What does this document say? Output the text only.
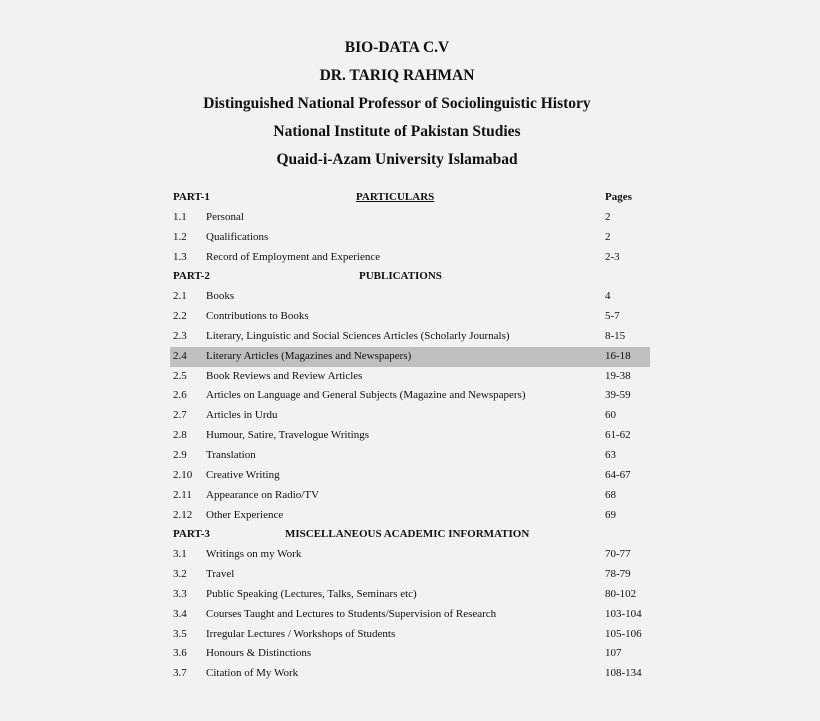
BIO-DATA C.V
DR. TARIQ RAHMAN
Distinguished National Professor of Sociolinguistic History
National Institute of Pakistan Studies
Quaid-i-Azam University Islamabad
PART-1	PARTICULARS	Pages
1.1 Personal	2
1.2 Qualifications	2
1.3 Record of Employment and Experience	2-3
PART-2	PUBLICATIONS
2.1 Books	4
2.2 Contributions to Books	5-7
2.3 Literary, Linguistic and Social Sciences Articles (Scholarly Journals)	8-15
2.4 Literary Articles (Magazines and Newspapers)	16-18
2.5 Book Reviews and Review Articles	19-38
2.6 Articles on Language and General Subjects (Magazine and Newspapers)	39-59
2.7 Articles in Urdu	60
2.8 Humour, Satire, Travelogue Writings	61-62
2.9 Translation	63
2.10 Creative Writing	64-67
2.11 Appearance on Radio/TV	68
2.12 Other Experience	69
PART-3	MISCELLANEOUS ACADEMIC INFORMATION
3.1 Writings on my Work	70-77
3.2 Travel	78-79
3.3 Public Speaking (Lectures, Talks, Seminars etc)	80-102
3.4 Courses Taught and Lectures to Students/Supervision of Research	103-104
3.5 Irregular Lectures / Workshops of Students	105-106
3.6 Honours & Distinctions	107
3.7 Citation of My Work	108-134
